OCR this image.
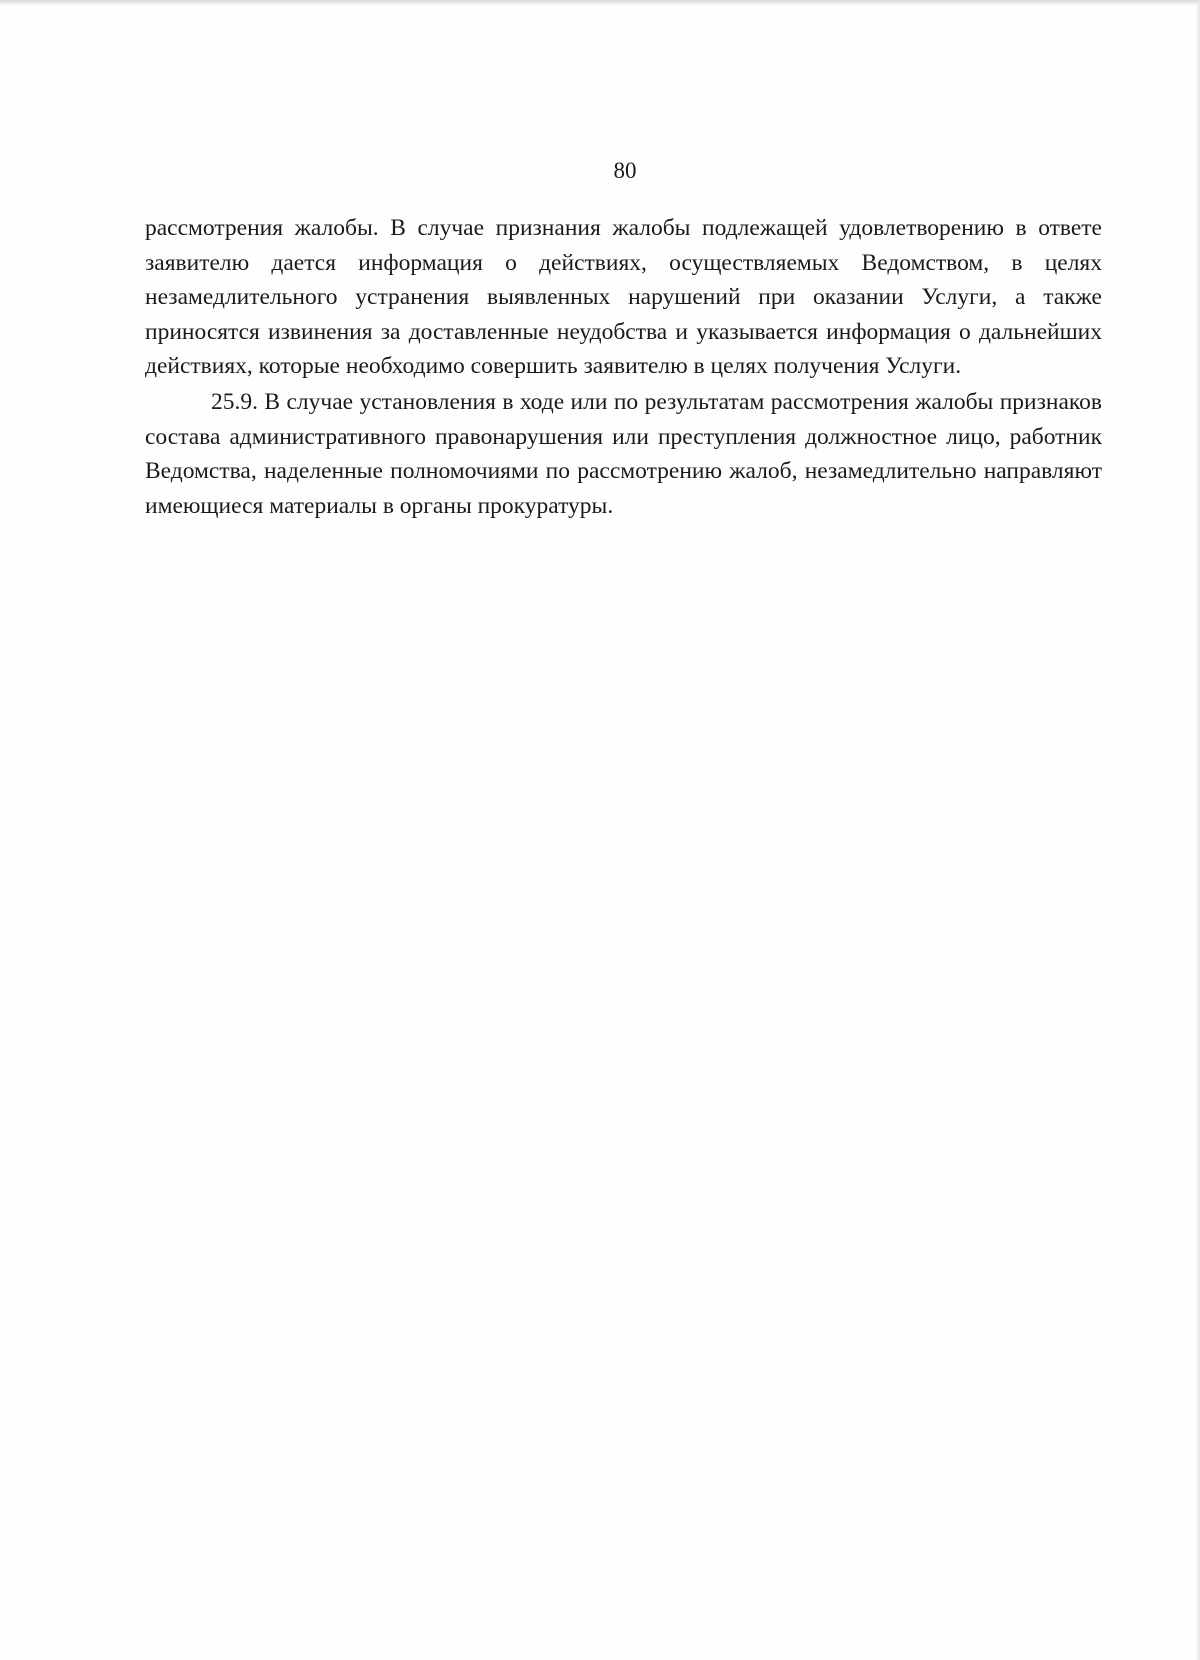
80

рассмотрения жалобы. В случае признания жалобы подлежащей удовлетворению в ответе заявителю дается информация о действиях, осуществляемых Ведомством, в целях незамедлительного устранения выявленных нарушений при оказании Услуги, а также приносятся извинения за доставленные неудобства и указывается информация о дальнейших действиях, которые необходимо совершить заявителю в целях получения Услуги.

25.9. В случае установления в ходе или по результатам рассмотрения жалобы признаков состава административного правонарушения или преступления должностное лицо, работник Ведомства, наделенные полномочиями по рассмотрению жалоб, незамедлительно направляют имеющиеся материалы в органы прокуратуры.
